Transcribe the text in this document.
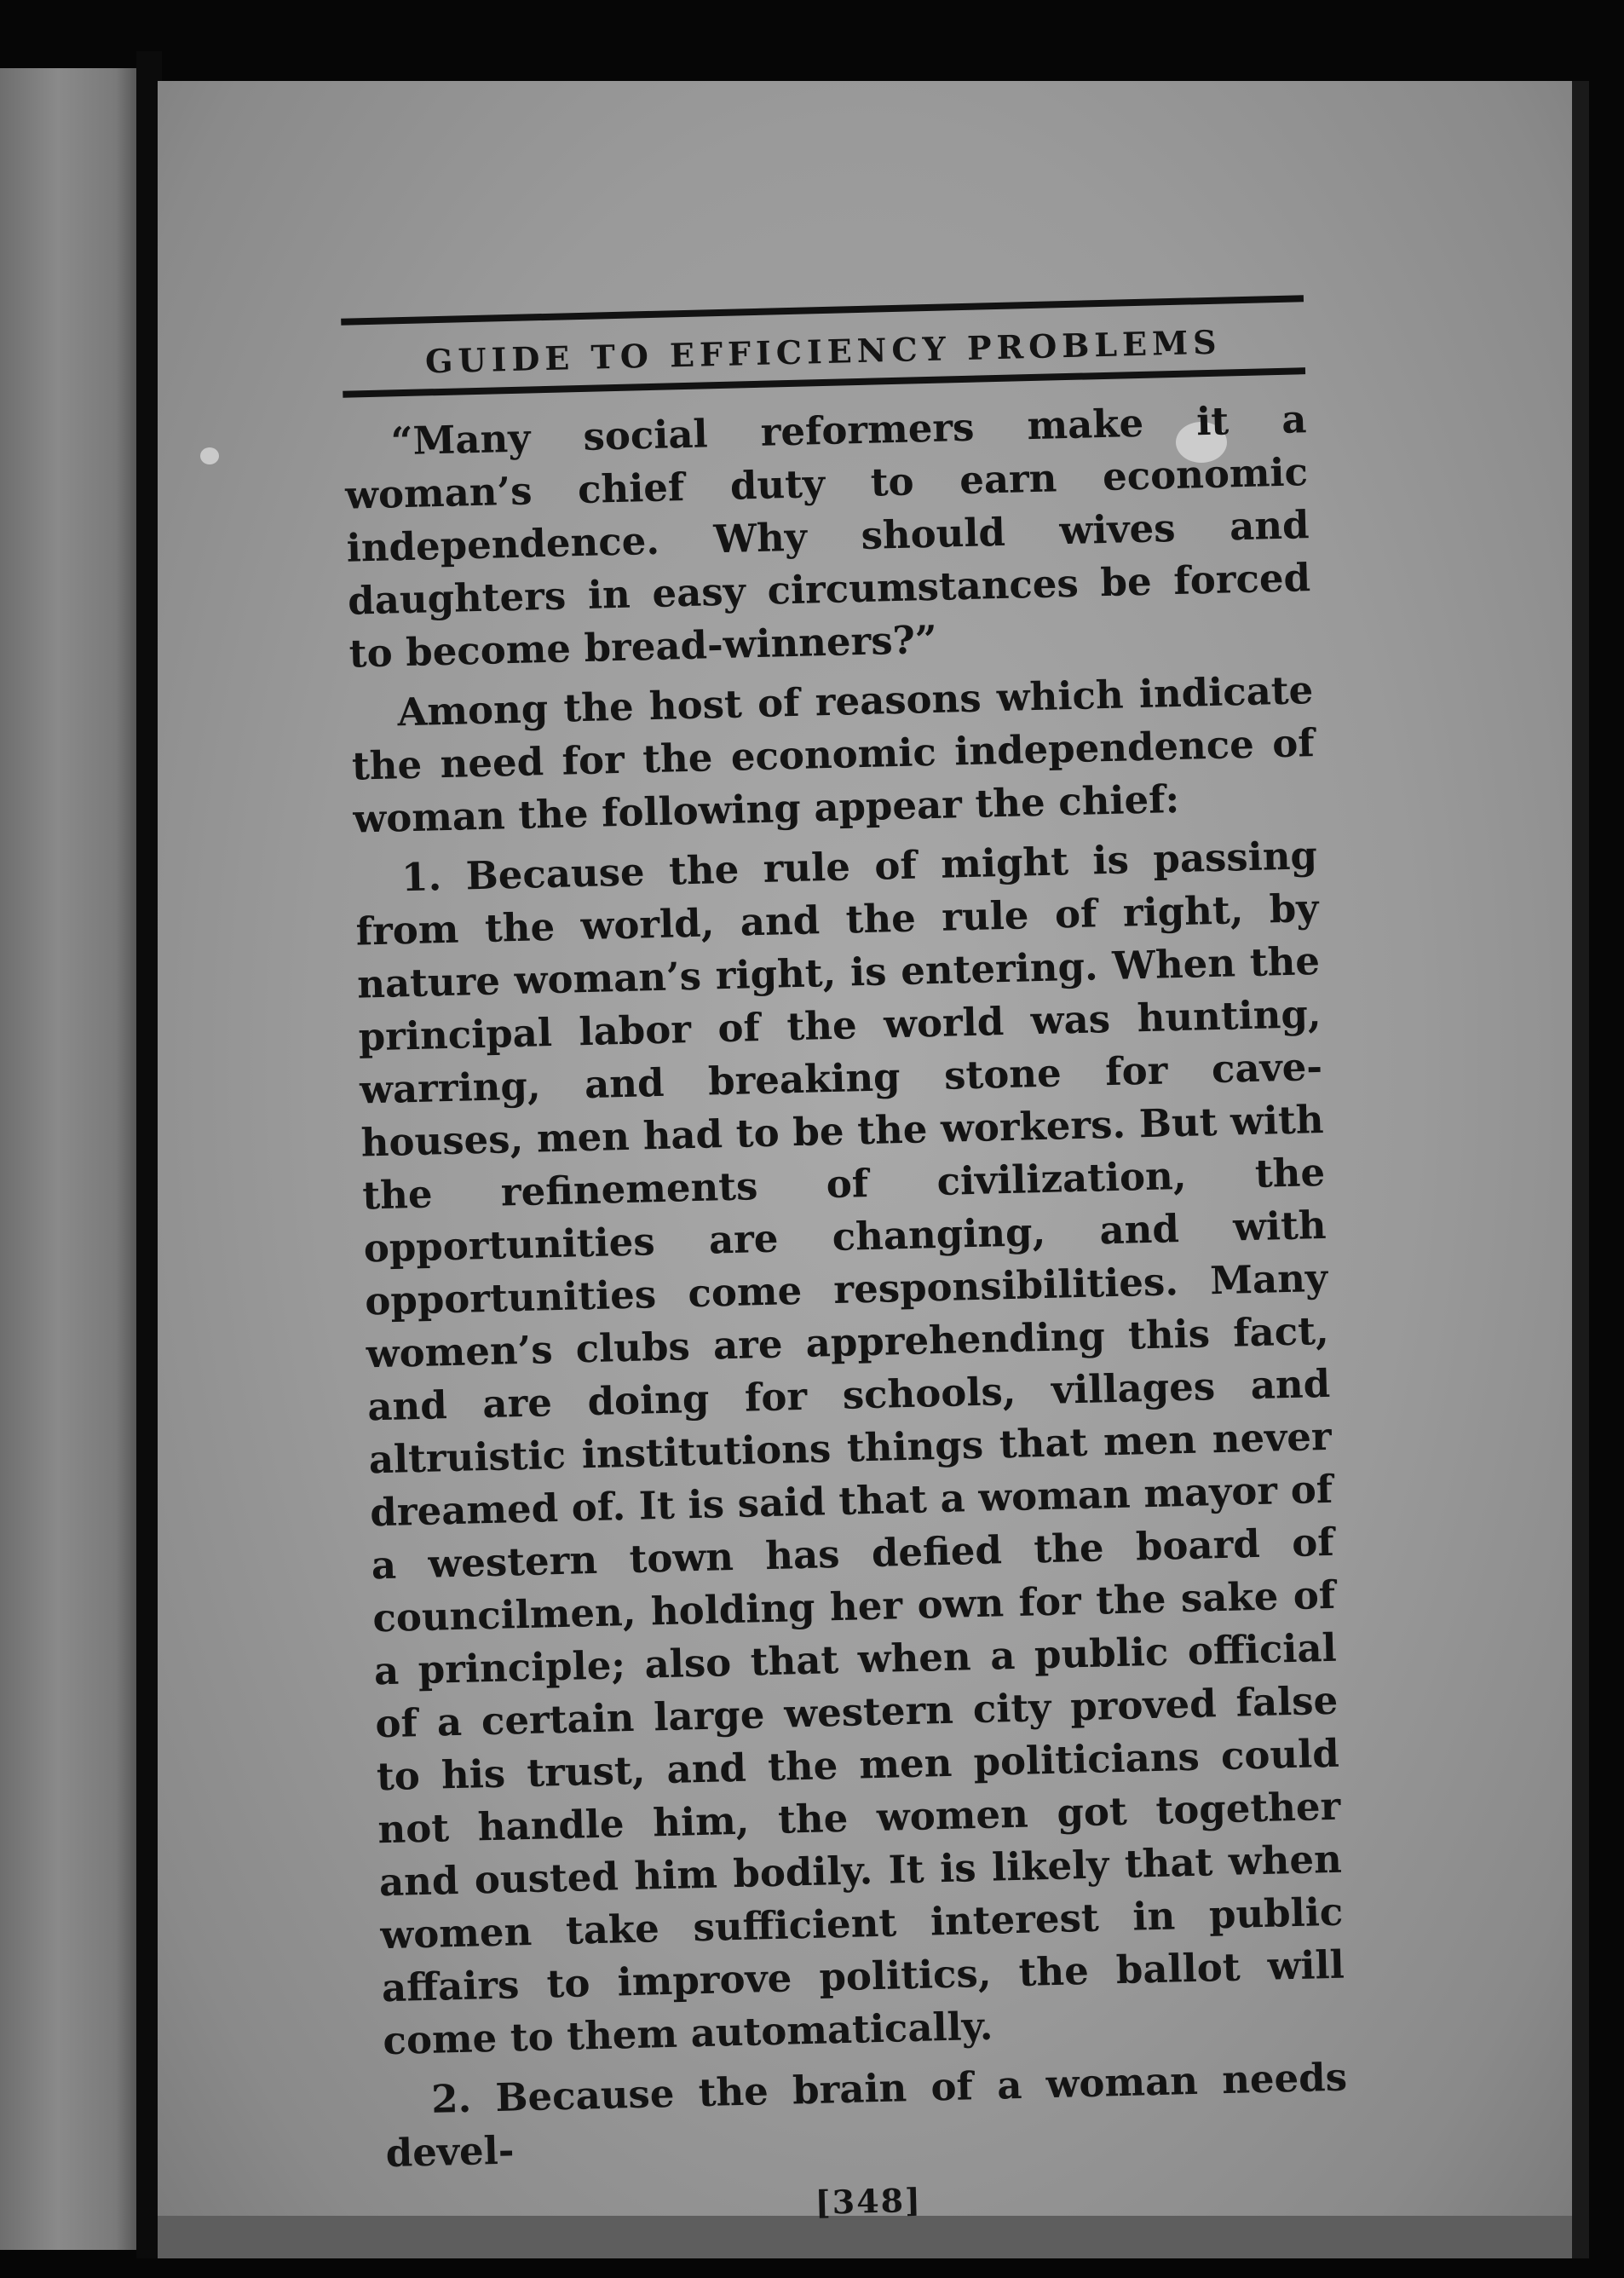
GUIDE TO EFFICIENCY PROBLEMS

“Many social reformers make it a woman’s chief duty to earn economic independence. Why should wives and daughters in easy circumstances be forced to become bread-winners?”

Among the host of reasons which indicate the need for the economic independence of woman the following appear the chief:

1. Because the rule of might is passing from the world, and the rule of right, by nature woman’s right, is entering. When the principal labor of the world was hunting, warring, and breaking stone for cave-houses, men had to be the workers. But with the refinements of civilization, the opportunities are changing, and with opportunities come responsibilities. Many women’s clubs are apprehending this fact, and are doing for schools, villages and altruistic institutions things that men never dreamed of. It is said that a woman mayor of a western town has defied the board of councilmen, holding her own for the sake of a principle; also that when a public official of a certain large western city proved false to his trust, and the men politicians could not handle him, the women got together and ousted him bodily. It is likely that when women take sufficient interest in public affairs to improve politics, the ballot will come to them automatically.

2. Because the brain of a woman needs devel-

[348]
